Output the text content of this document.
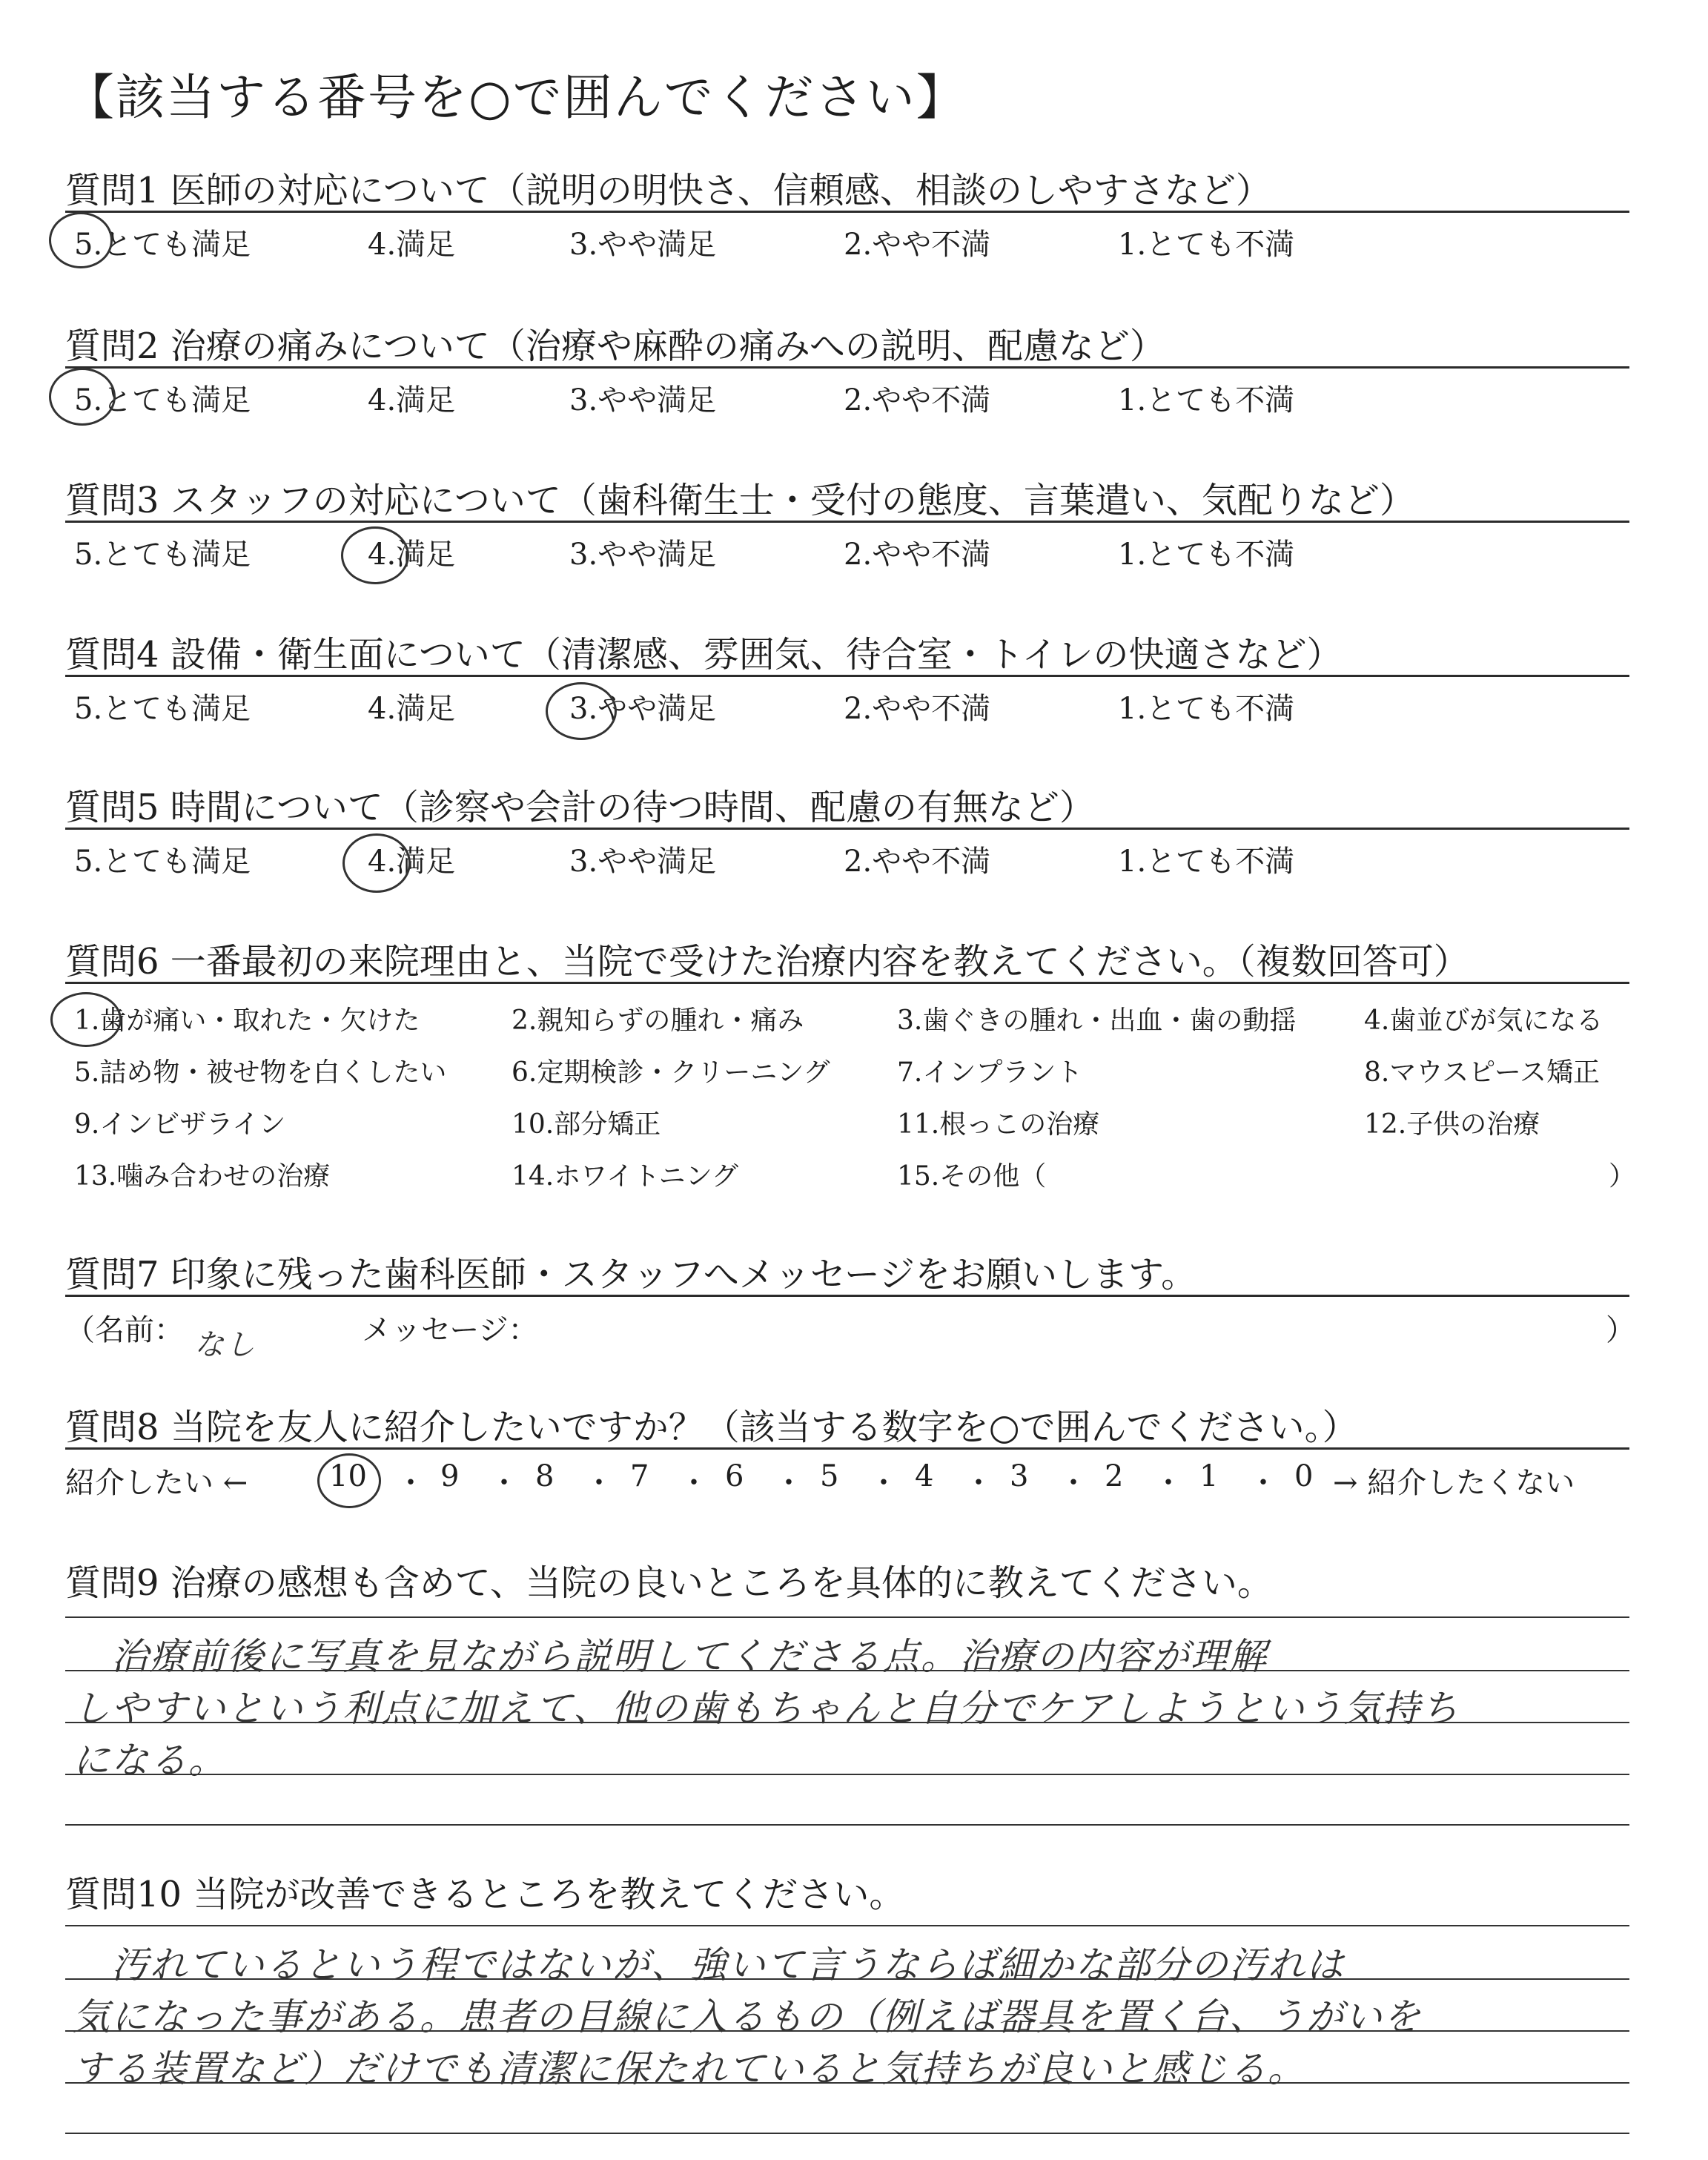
【該当する番号を○で囲んでください】
質問1 医師の対応について（説明の明快さ、信頼感、相談のしやすさなど）
5.とても満足	4.満足	3.やや満足	2.やや不満	1.とても不満
質問2 治療の痛みについて（治療や麻酔の痛みへの説明、配慮など）
5.とても満足	4.満足	3.やや満足	2.やや不満	1.とても不満
質問3 スタッフの対応について（歯科衛生士・受付の態度、言葉遣い、気配りなど）
5.とても満足	4.満足	3.やや満足	2.やや不満	1.とても不満
質問4 設備・衛生面について（清潔感、雰囲気、待合室・トイレの快適さなど）
5.とても満足	4.満足	3.やや満足	2.やや不満	1.とても不満
質問5 時間について（診察や会計の待つ時間、配慮の有無など）
5.とても満足	4.満足	3.やや満足	2.やや不満	1.とても不満
質問6 一番最初の来院理由と、当院で受けた治療内容を教えてください。（複数回答可）
1.歯が痛い・取れた・欠けた	2.親知らずの腫れ・痛み	3.歯ぐきの腫れ・出血・歯の動揺	4.歯並びが気になる
5.詰め物・被せ物を白くしたい 6.定期検診・クリーニング	7.インプラント	8.マウスピース矯正
9.インビザライン	10.部分矯正	11.根っこの治療	12.子供の治療
13.噛み合わせの治療	14.ホワイトニング	15.その他（	）
質問7 印象に残った歯科医師・スタッフへメッセージをお願いします。
（名前：	メッセージ：	）
なし
質問8 当院を友人に紹介したいですか？（該当する数字を○で囲んでください。）
紹介したい ←	10 ・ 9 ・ 8 ・ 7 ・ 6 ・ 5 ・ 4 ・ 3 ・ 2 ・ 1 ・ 0 → 紹介したくない
質問9 治療の感想も含めて、当院の良いところを具体的に教えてください。
治療前後に写真を見ながら説明してくださる点。治療の内容が理解
しやすいという利点に加えて、他の歯もちゃんと自分でケアしようという気持ち
になる。
質問10 当院が改善できるところを教えてください。
汚れているという程ではないが、強いて言うならば細かな部分の汚れは
気になった事がある。患者の目線に入るもの（例えば器具を置く台、うがいを
する装置など）だけでも清潔に保たれていると気持ちが良いと感じる。
